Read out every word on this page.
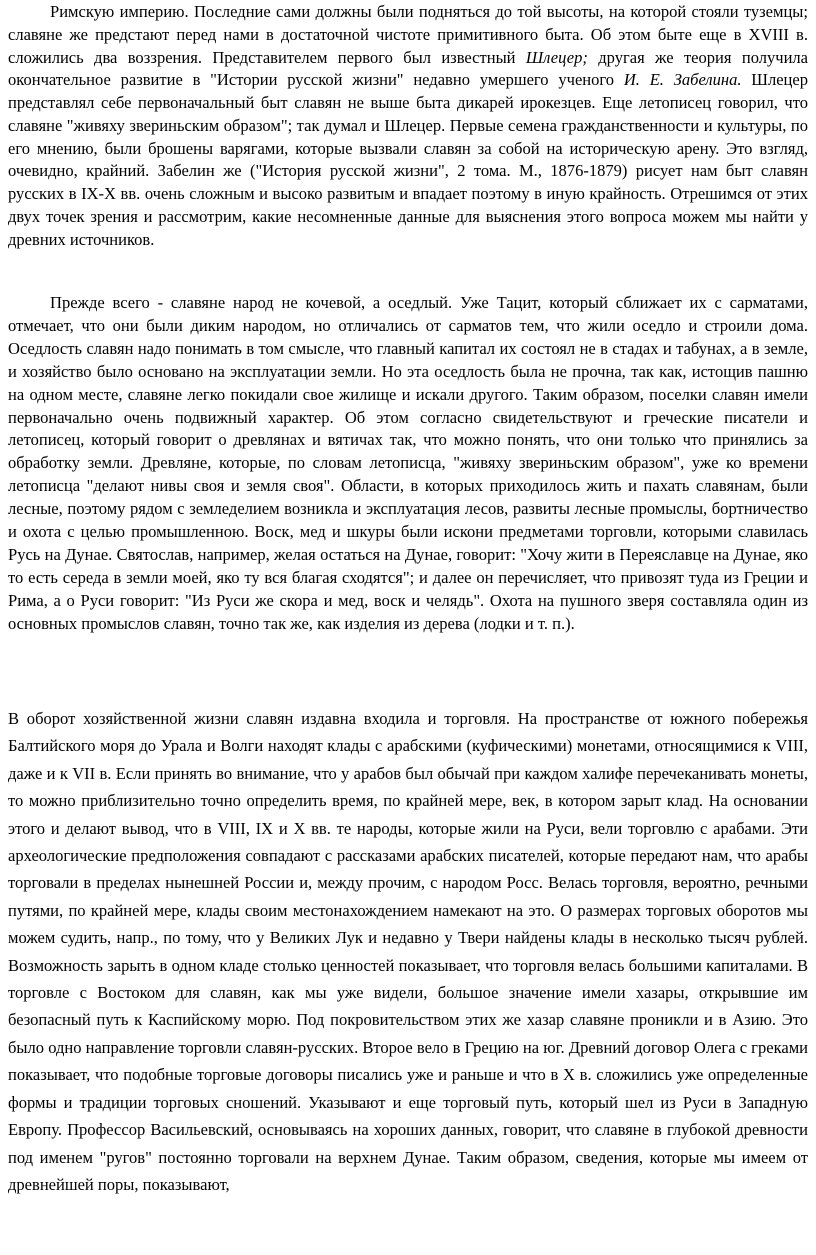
Римскую империю. Последние сами должны были подняться до той высоты, на которой стояли туземцы; славяне же предстают перед нами в достаточной чистоте примитивного быта. Об этом быте еще в XVIII в. сложились два воззрения. Представителем первого был известный Шлецер; другая же теория получила окончательное развитие в "Истории русской жизни" недавно умершего ученого И. Е. Забелина. Шлецер представлял себе первоначальный быт славян не выше быта дикарей ирокезцев. Еще летописец говорил, что славяне "живяху звериньским образом"; так думал и Шлецер. Первые семена гражданственности и культуры, по его мнению, были брошены варягами, которые вызвали славян за собой на историческую арену. Это взгляд, очевидно, крайний. Забелин же ("История русской жизни", 2 тома. М., 1876-1879) рисует нам быт славян русских в IX-X вв. очень сложным и высоко развитым и впадает поэтому в иную крайность. Отрешимся от этих двух точек зрения и рассмотрим, какие несомненные данные для выяснения этого вопроса можем мы найти у древних источников.

Прежде всего - славяне народ не кочевой, а оседлый. Уже Тацит, который сближает их с сарматами, отмечает, что они были диким народом, но отличались от сарматов тем, что жили оседло и строили дома. Оседлость славян надо понимать в том смысле, что главный капитал их состоял не в стадах и табунах, а в земле, и хозяйство было основано на эксплуатации земли. Но эта оседлость была не прочна, так как, истощив пашню на одном месте, славяне легко покидали свое жилище и искали другого. Таким образом, поселки славян имели первоначально очень подвижный характер. Об этом согласно свидетельствуют и греческие писатели и летописец, который говорит о древлянах и вятичах так, что можно понять, что они только что принялись за обработку земли. Древляне, которые, по словам летописца, "живяху звериньским образом", уже ко времени летописца "делают нивы своя и земля своя". Области, в которых приходилось жить и пахать славянам, были лесные, поэтому рядом с земледелием возникла и эксплуатация лесов, развиты лесные промыслы, бортничество и охота с целью промышленною. Воск, мед и шкуры были искони предметами торговли, которыми славилась Русь на Дунае. Святослав, например, желая остаться на Дунае, говорит: "Хочу жити в Переяславце на Дунае, яко то есть середа в земли моей, яко ту вся благая сходятся"; и далее он перечисляет, что привозят туда из Греции и Рима, а о Руси говорит: "Из Руси же скора и мед, воск и челядь". Охота на пушного зверя составляла один из основных промыслов славян, точно так же, как изделия из дерева (лодки и т. п.).

В оборот хозяйственной жизни славян издавна входила и торговля. На пространстве от южного побережья Балтийского моря до Урала и Волги находят клады с арабскими (куфическими) монетами, относящимися к VIII, даже и к VII в. Если принять во внимание, что у арабов был обычай при каждом халифе перечеканивать монеты, то можно приблизительно точно определить время, по крайней мере, век, в котором зарыт клад. На основании этого и делают вывод, что в VIII, IX и X вв. те народы, которые жили на Руси, вели торговлю с арабами. Эти археологические предположения совпадают с рассказами арабских писателей, которые передают нам, что арабы торговали в пределах нынешней России и, между прочим, с народом Росс. Велась торговля, вероятно, речными путями, по крайней мере, клады своим местонахождением намекают на это. О размерах торговых оборотов мы можем судить, напр., по тому, что у Великих Лук и недавно у Твери найдены клады в несколько тысяч рублей. Возможность зарыть в одном кладе столько ценностей показывает, что торговля велась большими капиталами. В торговле с Востоком для славян, как мы уже видели, большое значение имели хазары, открывшие им безопасный путь к Каспийскому морю. Под покровительством этих же хазар славяне проникли и в Азию. Это было одно направление торговли славян-русских. Второе вело в Грецию на юг. Древний договор Олега с греками показывает, что подобные торговые договоры писались уже и раньше и что в X в. сложились уже определенные формы и традиции торговых сношений. Указывают и еще торговый путь, который шел из Руси в Западную Европу. Профессор Васильевский, основываясь на хороших данных, говорит, что славяне в глубокой древности под именем "ругов" постоянно торговали на верхнем Дунае. Таким образом, сведения, которые мы имеем от древнейшей поры, показывают,
